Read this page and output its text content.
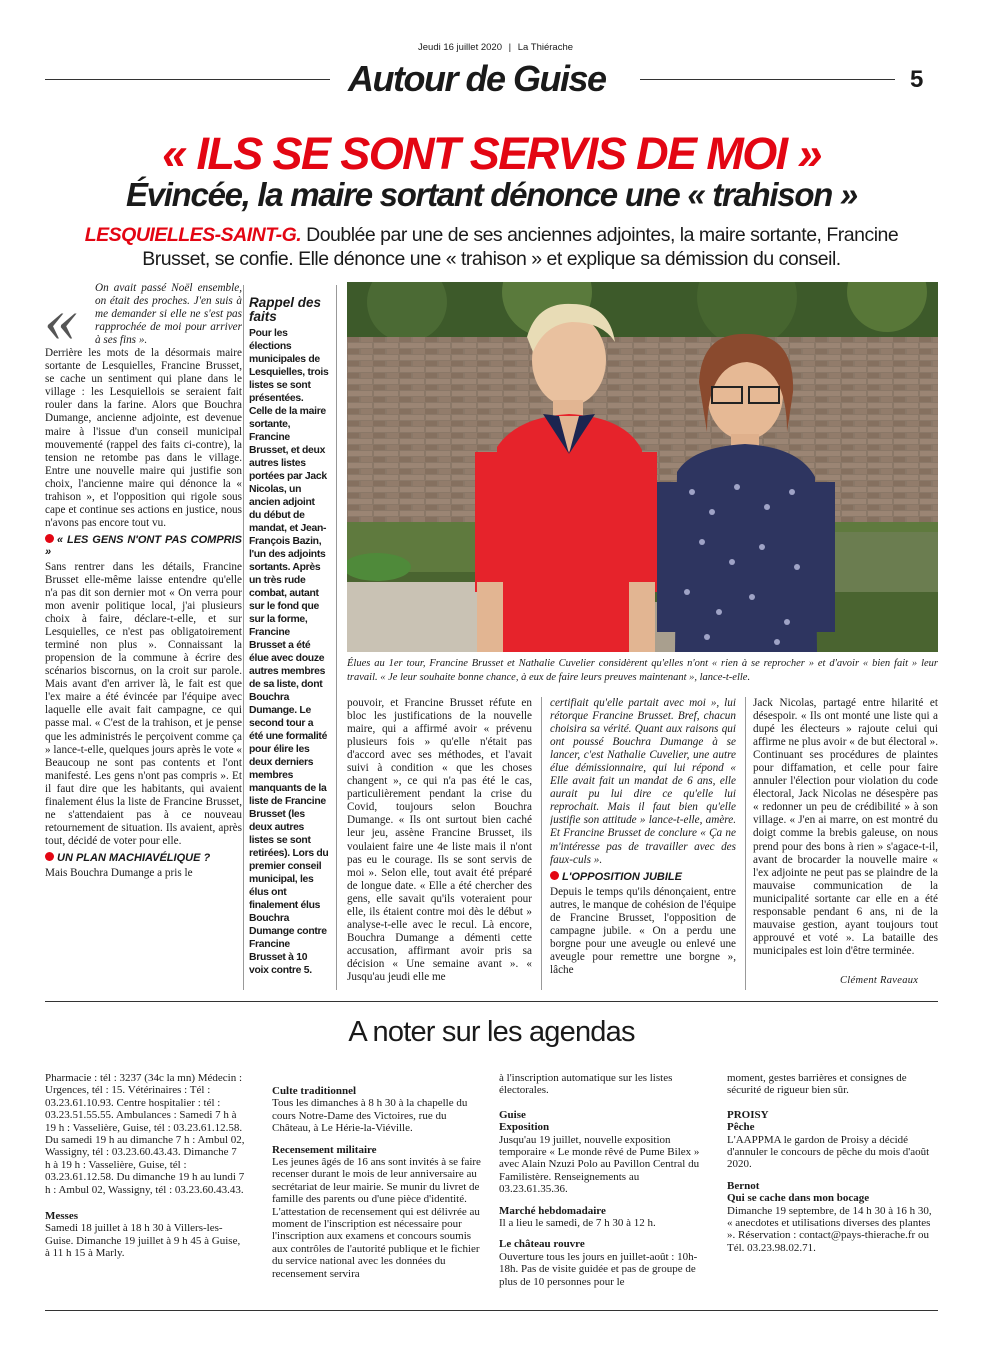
Jeudi 16 juillet 2020 | La Thiérache
Autour de Guise	5
« ILS SE SONT SERVIS DE MOI »
Évincée, la maire sortant dénonce une « trahison »
LESQUIELLES-SAINT-G. Doublée par une de ses anciennes adjointes, la maire sortante, Francine
Brusset, se confie. Elle dénonce une « trahison » et explique sa démission du conseil.
«	On avait passé Noël ensemble, on était des proches. J'en suis à me demander si elle ne s'est pas rapprochée de moi pour arriver à ses fins ».

Derrière les mots de la désormais maire sortante de Lesquielles, Francine Brusset, se cache un sentiment qui plane dans le village : les Lesquiellois se seraient fait rouler dans la farine. Alors que Bouchra Dumange, ancienne adjointe, est devenue maire à l'issue d'un conseil municipal mouvementé (rappel des faits ci-contre), la tension ne retombe pas dans le village. Entre une nouvelle maire qui justifie son choix, l'ancienne maire qui dénonce la « trahison », et l'opposition qui rigole sous cape et continue ses actions en justice, nous n'avons pas encore tout vu.

« LES GENS N'ONT PAS COMPRIS »

Sans rentrer dans les détails, Francine Brusset elle-même laisse entendre qu'elle n'a pas dit son dernier mot « On verra pour mon avenir politique local, j'ai plusieurs choix à faire, déclare-t-elle, et sur Lesquielles, ce n'est pas obligatoirement terminé non plus ». Connaissant la propension de la commune à écrire des scénarios biscornus, on la croit sur parole. Mais avant d'en arriver là, le fait est que l'ex maire a été évincée par l'équipe avec laquelle elle avait fait campagne, ce qui passe mal. « C'est de la trahison, et je pense que les administrés le perçoivent comme ça » lance-t-elle, quelques jours après le vote « Beaucoup ne sont pas contents et l'ont manifesté. Les gens n'ont pas compris ». Et il faut dire que les habitants, qui avaient finalement élus la liste de Francine Brusset, ne s'attendaient pas à ce nouveau retournement de situation. Ils avaient, après tout, décidé de voter pour elle.

UN PLAN MACHIAVÉLIQUE ?

Mais Bouchra Dumange a pris le

Rappel des faits
Pour les élections municipales de Lesquielles, trois listes se sont présentées. Celle de la maire sortante, Francine Brusset, et deux autres listes portées par Jack Nicolas, un ancien adjoint du début de mandat, et Jean-François Bazin, l'un des adjoints sortants. Après un très rude combat, autant sur le fond que sur la forme, Francine Brusset a été élue avec douze autres membres de sa liste, dont Bouchra Dumange. Le second tour a été une formalité pour élire les deux derniers membres manquants de la liste de Francine Brusset (les deux autres listes se sont retirées). Lors du premier conseil municipal, les élus ont finalement élus Bouchra Dumange contre Francine Brusset à 10 voix contre 5.
Élues au 1er tour, Francine Brusset et Nathalie Cuvelier considèrent qu'elles n'ont « rien à se reprocher » et d'avoir « bien fait » leur travail. « Je leur souhaite bonne chance, à eux de faire leurs preuves maintenant », lance-t-elle.

pouvoir, et Francine Brusset réfute en bloc les justifications de la nouvelle maire, qui a affirmé avoir « prévenu plusieurs fois » qu'elle n'était pas d'accord avec ses méthodes, et l'avait suivi à condition « que les choses changent », ce qui n'a pas été le cas, particulièrement pendant la crise du Covid, toujours selon Bouchra Dumange. « Ils ont surtout bien caché leur jeu, assène Francine Brusset, ils voulaient faire une 4e liste mais il n'ont pas eu le courage. Ils se sont servis de moi ». Selon elle, tout avait été préparé de longue date. « Elle a été chercher des gens, elle savait qu'ils voteraient pour elle, ils étaient contre moi dès le début » analyse-t-elle avec le recul. Là encore, Bouchra Dumange a démenti cette accusation, affirmant avoir pris sa décision « Une semaine avant ». « Jusqu'au jeudi elle me

certifiait qu'elle partait avec moi », lui rétorque Francine Brusset. Bref, chacun choisira sa vérité. Quant aux raisons qui ont poussé Bouchra Dumange à se lancer, c'est Nathalie Cuvelier, une autre élue démissionnaire, qui lui répond « Elle avait fait un mandat de 6 ans, elle aurait pu lui dire ce qu'elle lui reprochait. Mais il faut bien qu'elle justifie son attitude » lance-t-elle, amère. Et Francine Brusset de conclure « Ça ne m'intéresse pas de travailler avec des faux-culs ».

L'OPPOSITION JUBILE

Depuis le temps qu'ils dénonçaient, entre autres, le manque de cohésion de l'équipe de Francine Brusset, l'opposition de campagne jubile. « On a perdu une borgne pour une aveugle ou enlevé une aveugle pour remettre une borgne », lâche

Jack Nicolas, partagé entre hilarité et désespoir. « Ils ont monté une liste qui a dupé les électeurs » rajoute celui qui affirme ne plus avoir « de but électoral ». Continuant ses procédures de plaintes pour diffamation, et celle pour faire annuler l'élection pour violation du code électoral, Jack Nicolas ne désespère pas « redonner un peu de crédibilité » à son village. « J'en ai marre, on est montré du doigt comme la brebis galeuse, on nous prend pour des bons à rien » s'agace-t-il, avant de brocarder la nouvelle maire « l'ex adjointe ne peut pas se plaindre de la mauvaise communication de la municipalité sortante car elle en a été responsable pendant 6 ans, ni de la mauvaise gestion, ayant toujours tout approuvé et voté ». La bataille des municipales est loin d'être terminée.

Clément Raveaux
A noter sur les agendas
Pharmacie : tél : 3237 (34c la mn) Médecin : Urgences, tél : 15. Vétérinaires : Tél : 03.23.61.10.93. Centre hospitalier : tél : 03.23.51.55.55. Ambulances : Samedi 7 h à 19 h : Vasselière, Guise, tél : 03.23.61.12.58. Du samedi 19 h au dimanche 7 h : Ambul 02, Wassigny, tél : 03.23.60.43.43. Dimanche 7 h à 19 h : Vasselière, Guise, tél : 03.23.61.12.58. Du dimanche 19 h au lundi 7 h : Ambul 02, Wassigny, tél : 03.23.60.43.43.
Messes
Samedi 18 juillet à 18 h 30 à Villers-les-Guise. Dimanche 19 juillet à 9 h 45 à Guise, à 11 h 15 à Marly.
Culte traditionnel
Tous les dimanches à 8 h 30 à la chapelle du cours Notre-Dame des Victoires, rue du Château, à Le Hérie-la-Viéville.
Recensement militaire
Les jeunes âgés de 16 ans sont invités à se faire recenser durant le mois de leur anniversaire au secrétariat de leur mairie. Se munir du livret de famille des parents ou d'une pièce d'identité. L'attestation de recensement qui est délivrée au moment de l'inscription est nécessaire pour l'inscription aux examens et concours soumis aux contrôles de l'autorité publique et le fichier du service national avec les données du recensement servira
à l'inscription automatique sur les listes électorales.
Guise
Exposition
Jusqu'au 19 juillet, nouvelle exposition temporaire « Le monde rêvé de Pume Bilex » avec Alain Nzuzi Polo au Pavillon Central du Familistère. Renseignements au 03.23.61.35.36.
Marché hebdomadaire
Il a lieu le samedi, de 7 h 30 à 12 h.
Le château rouvre
Ouverture tous les jours en juillet-août : 10h-18h. Pas de visite guidée et pas de groupe de plus de 10 personnes pour le
moment, gestes barrières et consignes de sécurité de rigueur bien sûr.
PROISY
Pêche
L'AAPPMA le gardon de Proisy a décidé d'annuler le concours de pêche du mois d'août 2020.
Bernot
Qui se cache dans mon bocage
Dimanche 19 septembre, de 14 h 30 à 16 h 30, « anecdotes et utilisations diverses des plantes ». Réservation : contact@pays-thierache.fr ou Tél. 03.23.98.02.71.
